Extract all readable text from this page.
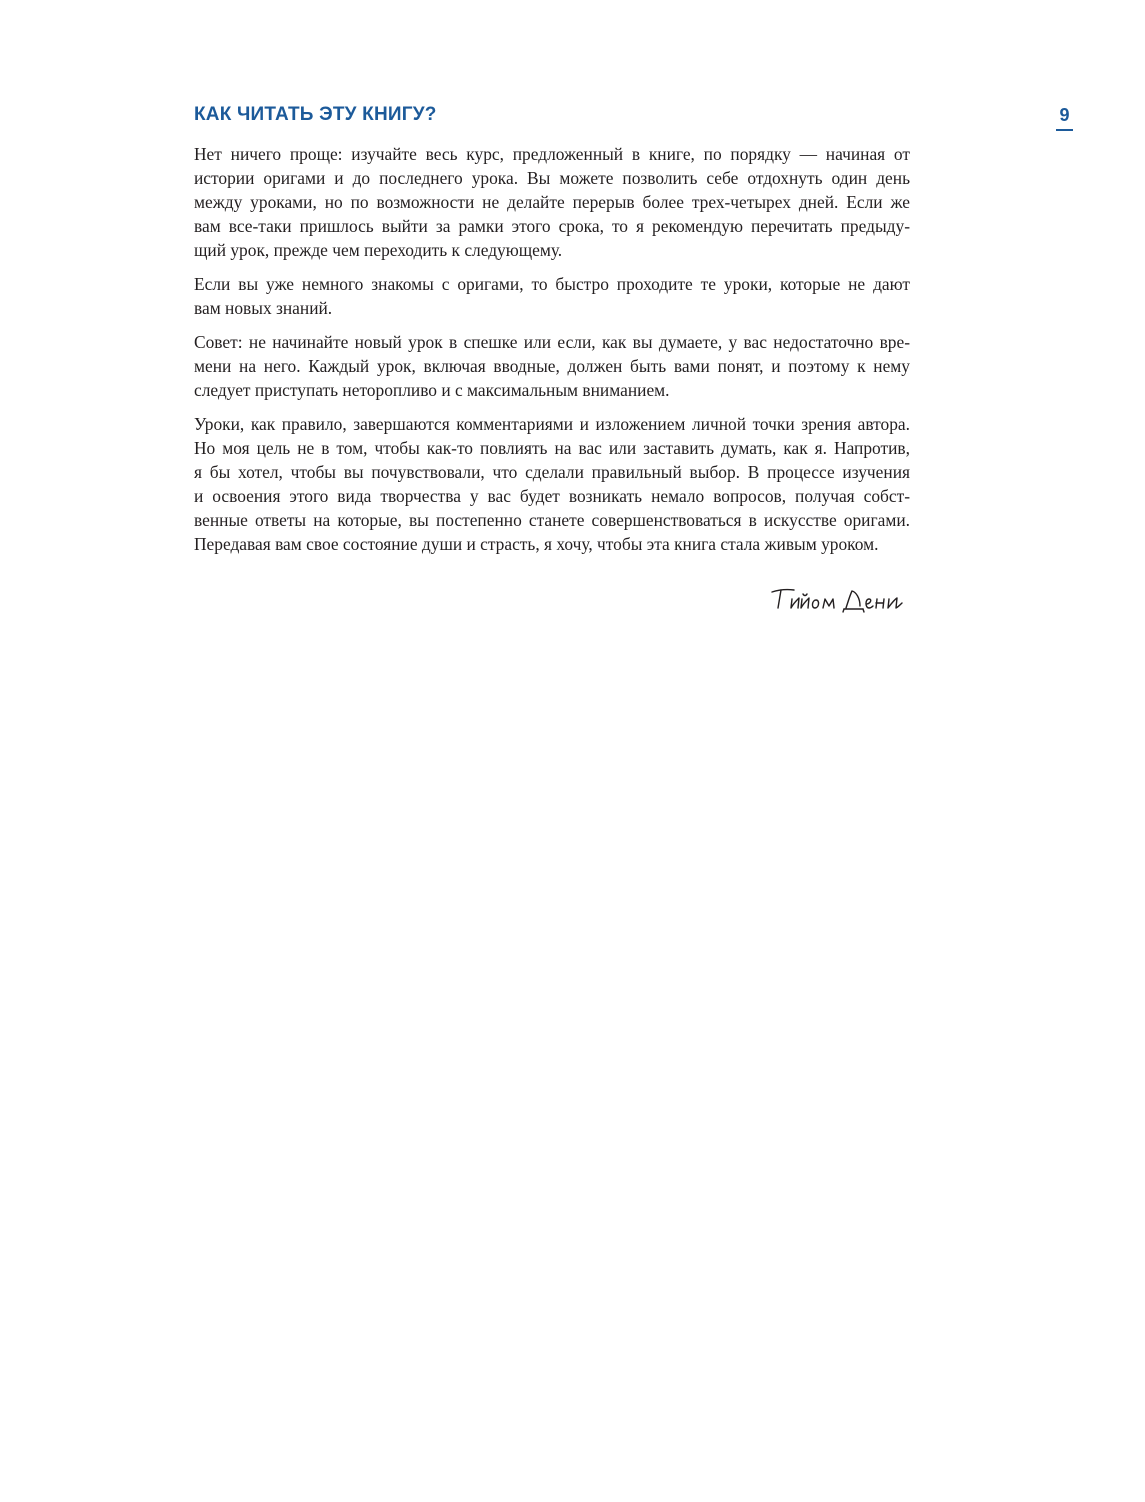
КАК ЧИТАТЬ ЭТУ КНИГУ?	9

Нет ничего проще: изучайте весь курс, предложенный в книге, по порядку — начиная от
истории оригами и до последнего урока. Вы можете позволить себе отдохнуть один день
между уроками, но по возможности не делайте перерыв более трех-четырех дней. Если же
вам все-таки пришлось выйти за рамки этого срока, то я рекомендую перечитать предыду-
щий урок, прежде чем переходить к следующему.

Если вы уже немного знакомы с оригами, то быстро проходите те уроки, которые не дают
вам новых знаний.

Совет: не начинайте новый урок в спешке или если, как вы думаете, у вас недостаточно вре-
мени на него. Каждый урок, включая вводные, должен быть вами понят, и поэтому к нему
следует приступать неторопливо и с максимальным вниманием.

Уроки, как правило, завершаются комментариями и изложением личной точки зрения автора.
Но моя цель не в том, чтобы как-то повлиять на вас или заставить думать, как я. Напротив,
я бы хотел, чтобы вы почувствовали, что сделали правильный выбор. В процессе изучения
и освоения этого вида творчества у вас будет возникать немало вопросов, получая собст-
венные ответы на которые, вы постепенно станете совершенствоваться в искусстве оригами.
Передавая вам свое состояние души и страсть, я хочу, чтобы эта книга стала живым уроком.
